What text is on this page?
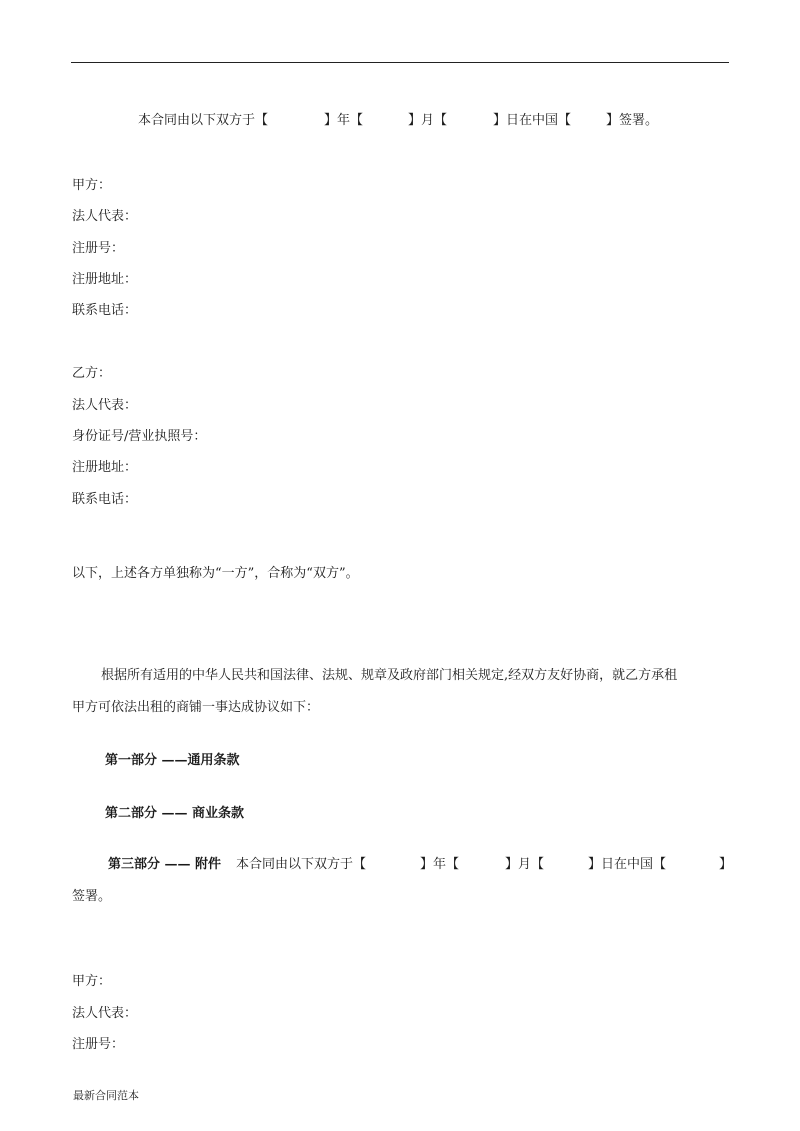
本合同由以下双方于【	】年【	】月【	】日在中国【	】签署。
甲方：
法人代表：
注册号：
注册地址：
联系电话：
乙方：
法人代表：
身份证号/营业执照号：
注册地址：
联系电话：
以下，上述各方单独称为“一方”，合称为“双方”。
根据所有适用的中华人民共和国法律、法规、规章及政府部门相关规定,经双方友好协商，就乙方承租
甲方可依法出租的商铺一事达成协议如下：
第一部分 ——通用条款
第二部分 —— 商业条款
第三部分 —— 附件 本合同由以下双方于【	】年【	】月【	】日在中国【	】
签署。
甲方：
法人代表：
注册号：
最新合同范本
